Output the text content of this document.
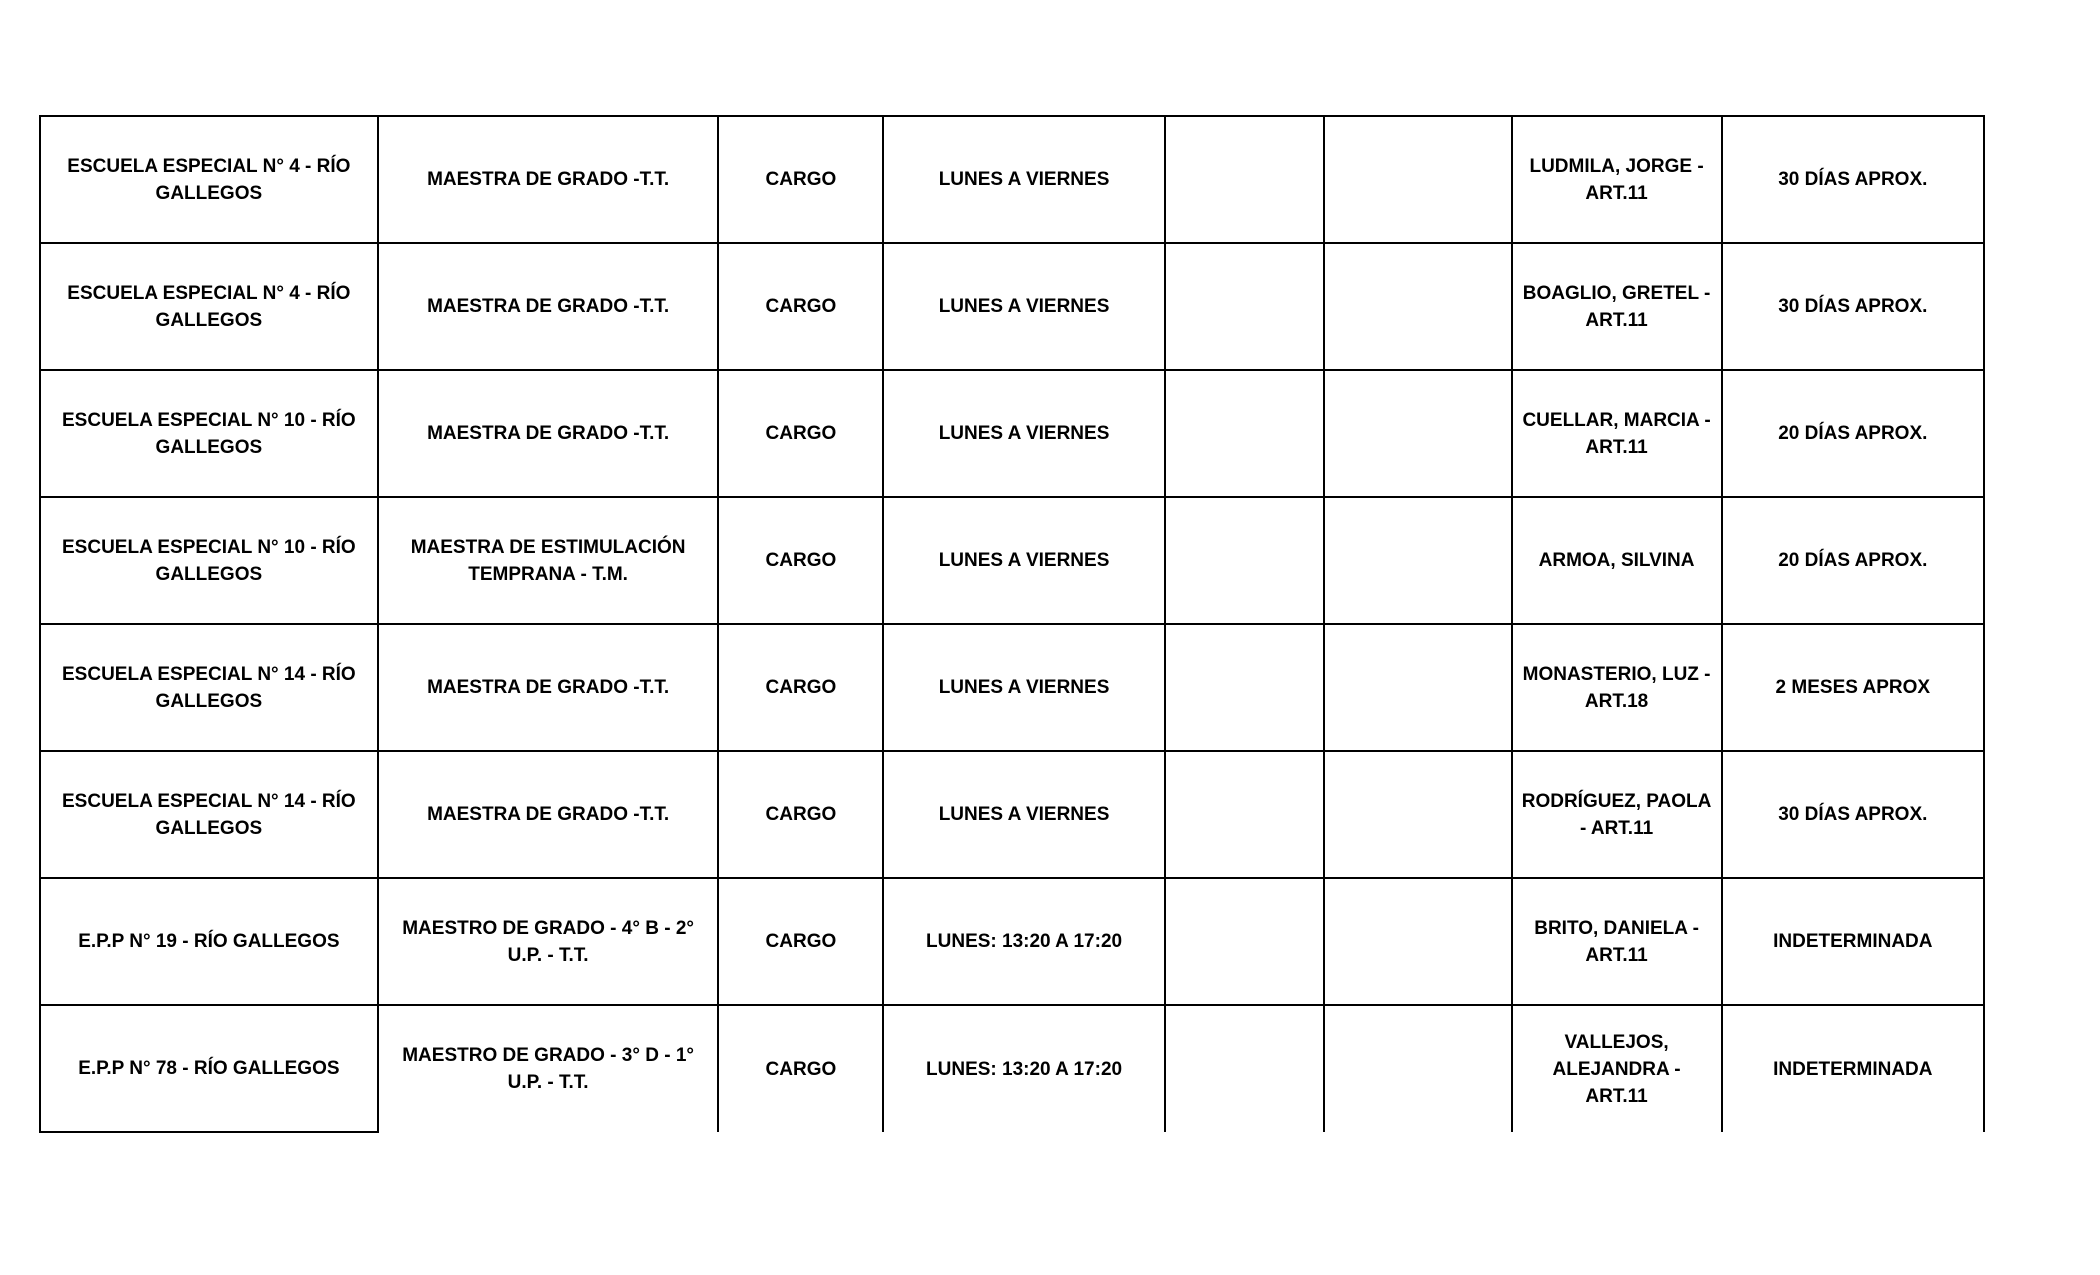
ESCUELA ESPECIAL N° 4 - RÍO GALLEGOS	MAESTRA DE GRADO -T.T.	CARGO	LUNES A VIERNES			LUDMILA, JORGE - ART.11	30 DÍAS APROX.
ESCUELA ESPECIAL N° 4 - RÍO GALLEGOS	MAESTRA DE GRADO -T.T.	CARGO	LUNES A VIERNES			BOAGLIO, GRETEL - ART.11	30 DÍAS APROX.
ESCUELA ESPECIAL N° 10 - RÍO GALLEGOS	MAESTRA DE GRADO -T.T.	CARGO	LUNES A VIERNES			CUELLAR, MARCIA - ART.11	20 DÍAS APROX.
ESCUELA ESPECIAL N° 10 - RÍO GALLEGOS	MAESTRA DE ESTIMULACIÓN TEMPRANA - T.M.	CARGO	LUNES A VIERNES			ARMOA, SILVINA	20 DÍAS APROX.
ESCUELA ESPECIAL N° 14 - RÍO GALLEGOS	MAESTRA DE GRADO -T.T.	CARGO	LUNES A VIERNES			MONASTERIO, LUZ - ART.18	2 MESES APROX
ESCUELA ESPECIAL N° 14 - RÍO GALLEGOS	MAESTRA DE GRADO -T.T.	CARGO	LUNES A VIERNES			RODRÍGUEZ, PAOLA - ART.11	30 DÍAS APROX.
E.P.P N° 19 - RÍO GALLEGOS	MAESTRO DE GRADO - 4° B - 2° U.P. - T.T.	CARGO	LUNES: 13:20 A 17:20			BRITO, DANIELA - ART.11	INDETERMINADA
E.P.P N° 78 - RÍO GALLEGOS	MAESTRO DE GRADO - 3° D - 1° U.P. - T.T.	CARGO	LUNES: 13:20 A 17:20			VALLEJOS, ALEJANDRA - ART.11	INDETERMINADA
